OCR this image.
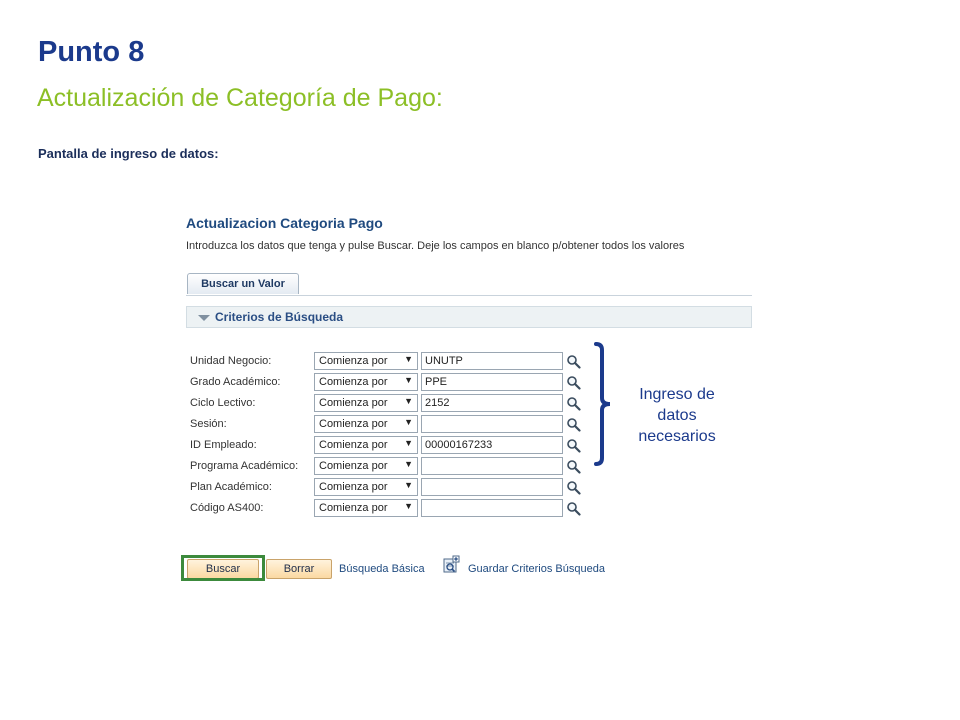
Punto 8
Actualización de Categoría de Pago:
Pantalla de ingreso de datos:
Actualizacion Categoria Pago
Introduzca los datos que tenga y pulse Buscar. Deje los campos en blanco p/obtener todos los valores
Buscar un Valor
Criterios de Búsqueda
Unidad Negocio:	Comienza por ▼	UNUTP
Grado Académico:	Comienza por ▼	PPE
Ciclo Lectivo:	Comienza por ▼	2152
Sesión:	Comienza por ▼
ID Empleado:	Comienza por ▼	00000167233
Programa Académico: Comienza por ▼
Plan Académico:	Comienza por ▼
Código AS400:	Comienza por ▼
Buscar	Borrar	Búsqueda Básica	Guardar Criterios Búsqueda
Ingreso de
datos
necesarios
